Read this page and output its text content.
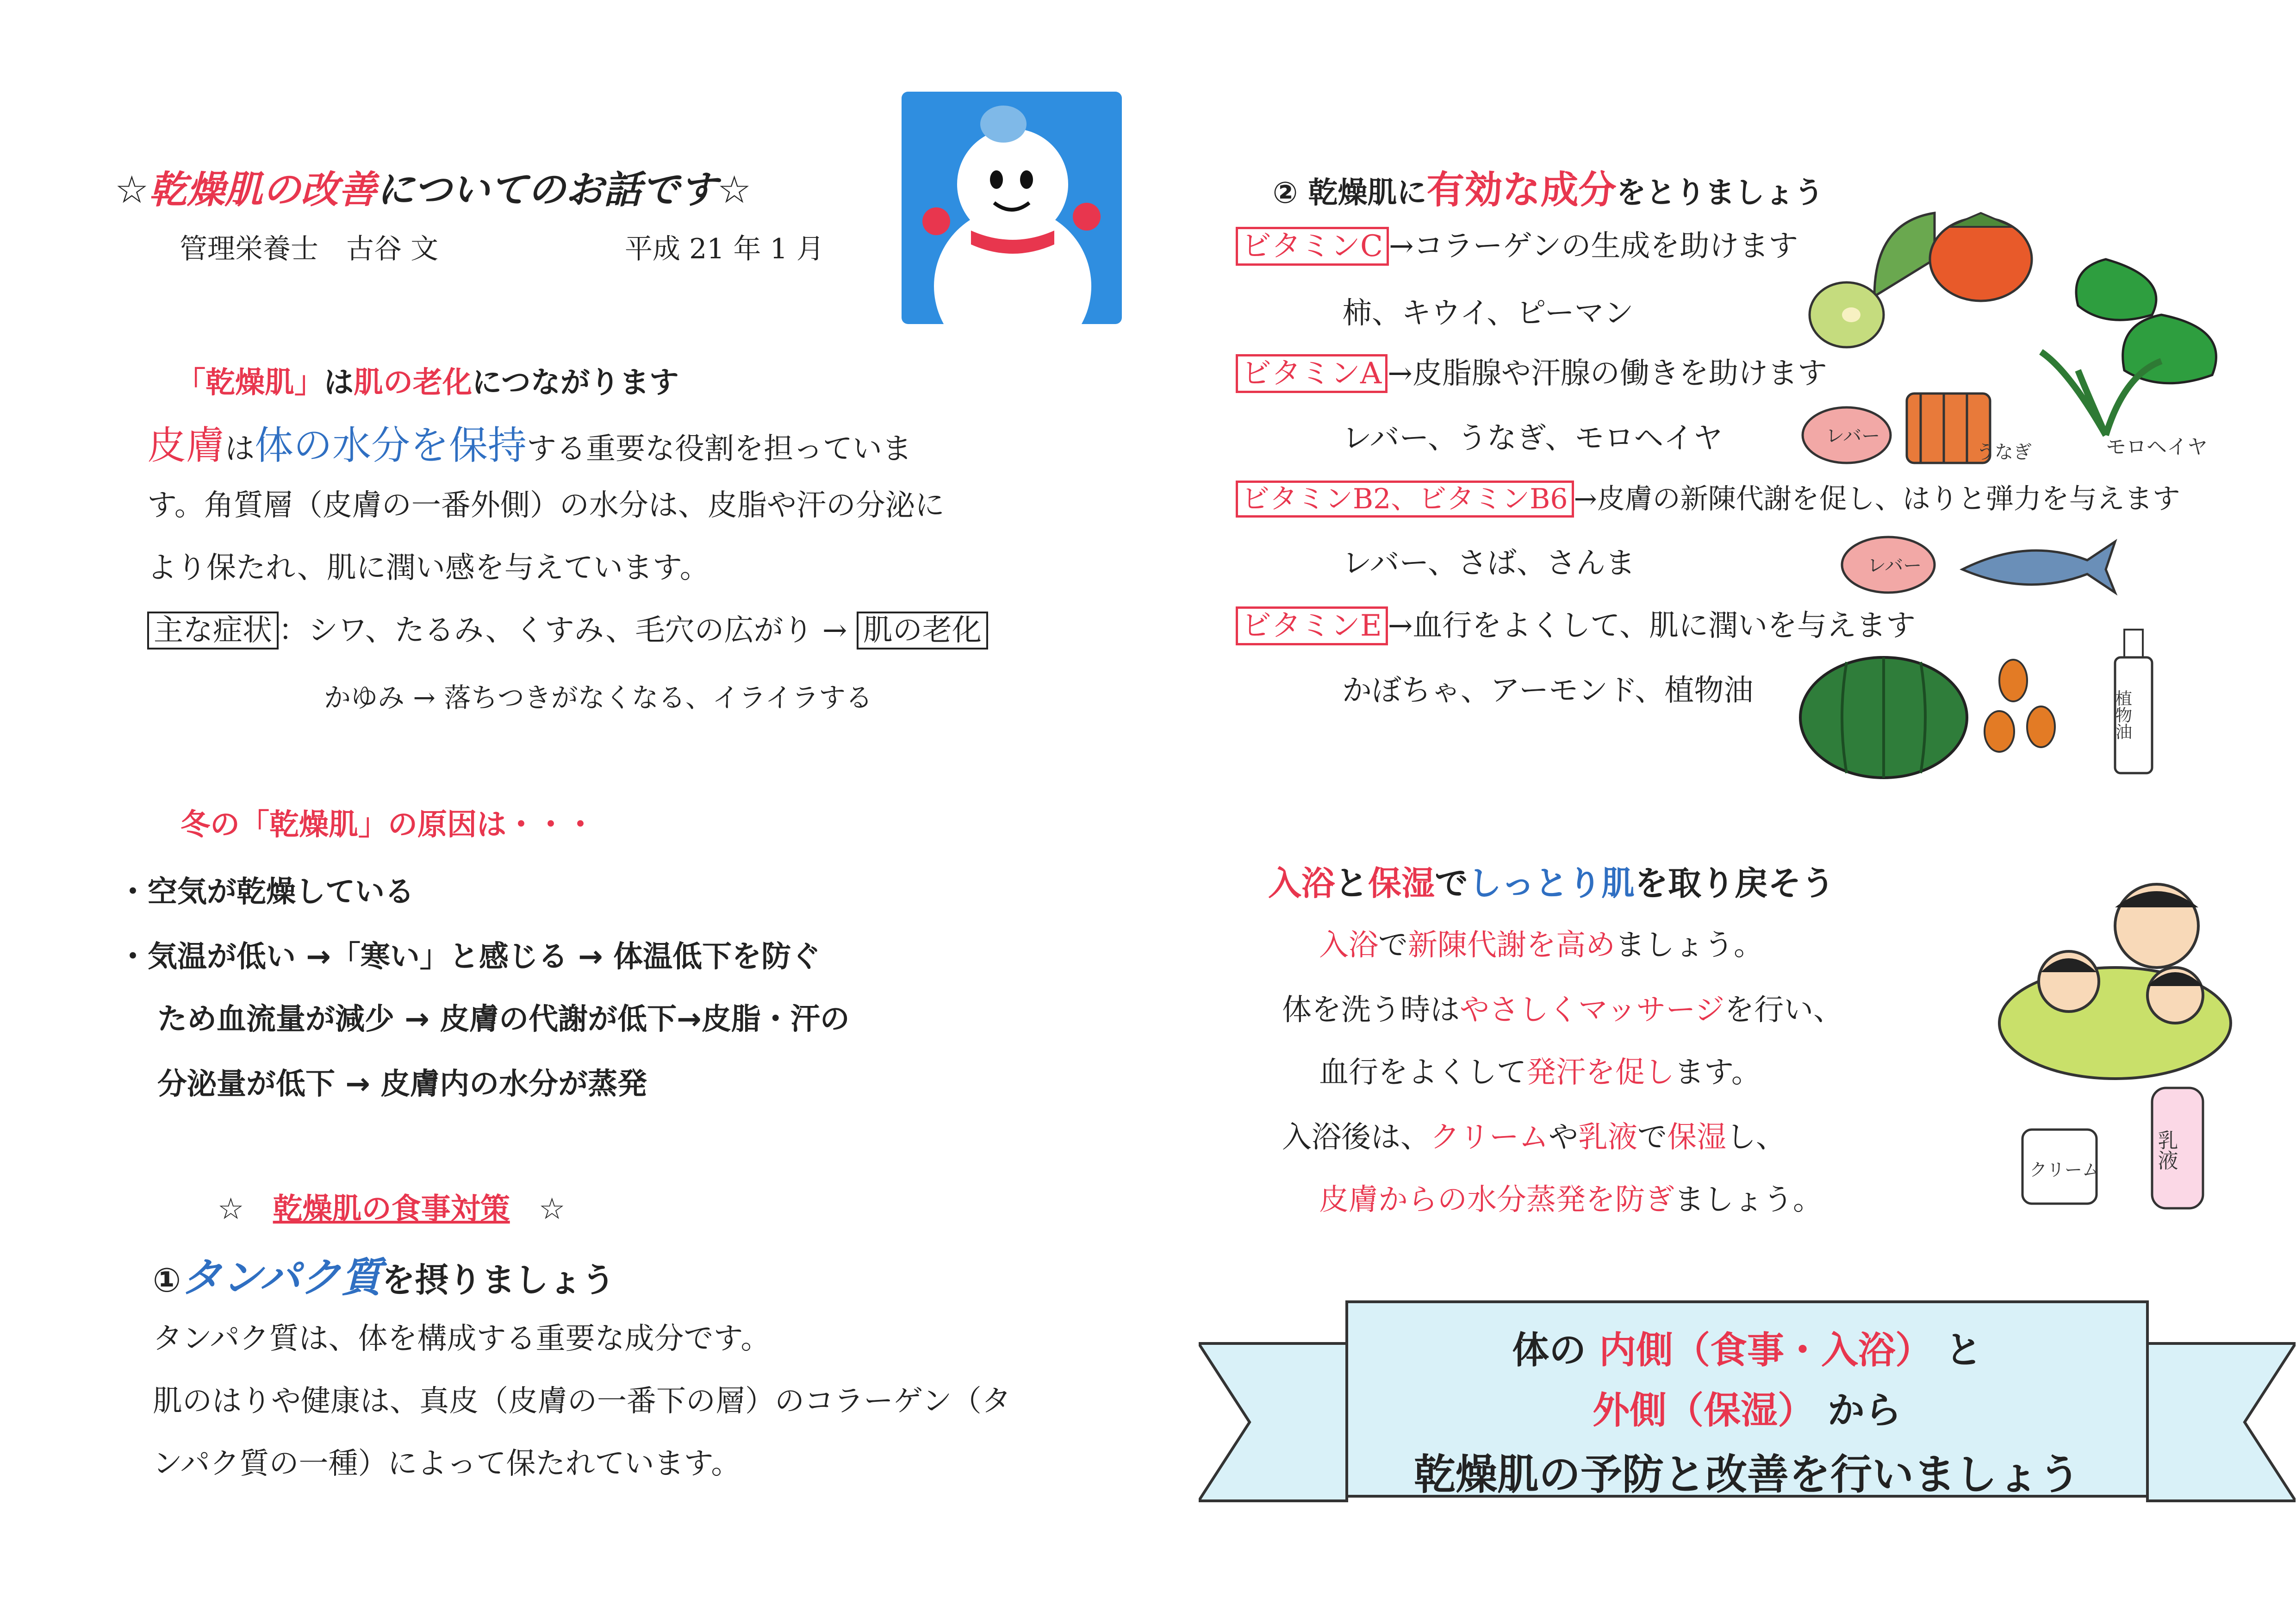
☆乾燥肌の改善についてのお話です☆
管理栄養士　古谷 文	平成 21 年 1 月
「乾燥肌」は肌の老化につながります
皮膚は体の水分を保持する重要な役割を担っていま
す。角質層（皮膚の一番外側）の水分は、皮脂や汗の分泌に
より保たれ、肌に潤い感を与えています。
主な症状 ：シワ、たるみ、くすみ、毛穴の広がり → 肌の老化
かゆみ → 落ちつきがなくなる、イライラする
冬の「乾燥肌」の原因は・・・
・空気が乾燥している
・気温が低い →「寒い」と感じる → 体温低下を防ぐ
ため血流量が減少 → 皮膚の代謝が低下→皮脂・汗の
分泌量が低下 → 皮膚内の水分が蒸発
☆ 乾燥肌の食事対策 ☆
①タンパク質を摂りましょう
タンパク質は、体を構成する重要な成分です。
肌のはりや健康は、真皮（皮膚の一番下の層）のコラーゲン（タ
ンパク質の一種）によって保たれています。
② 乾燥肌に有効な成分をとりましょう
ビタミンC →コラーゲンの生成を助けます
柿、キウイ、ピーマン
ビタミンA →皮脂腺や汗腺の働きを助けます
レバー、うなぎ、モロヘイヤ
ビタミンB2、ビタミンB6 →皮膚の新陳代謝を促し、はりと弾力を与えます
レバー、さば、さんま
ビタミンE →血行をよくして、肌に潤いを与えます
かぼちゃ、アーモンド、植物油
レバー
うなぎ	モロヘイヤ
レバー
植物油
入浴と保湿でしっとり肌を取り戻そう
入浴で新陳代謝を高めましょう。
体を洗う時はやさしくマッサージを行い、
血行をよくして発汗を促します。
入浴後は、クリームや乳液で保湿し、
皮膚からの水分蒸発を防ぎましょう。
クリーム	乳液
体の 内側（食事・入浴） と
外側（保湿） から
乾燥肌の予防と改善を行いましょう
